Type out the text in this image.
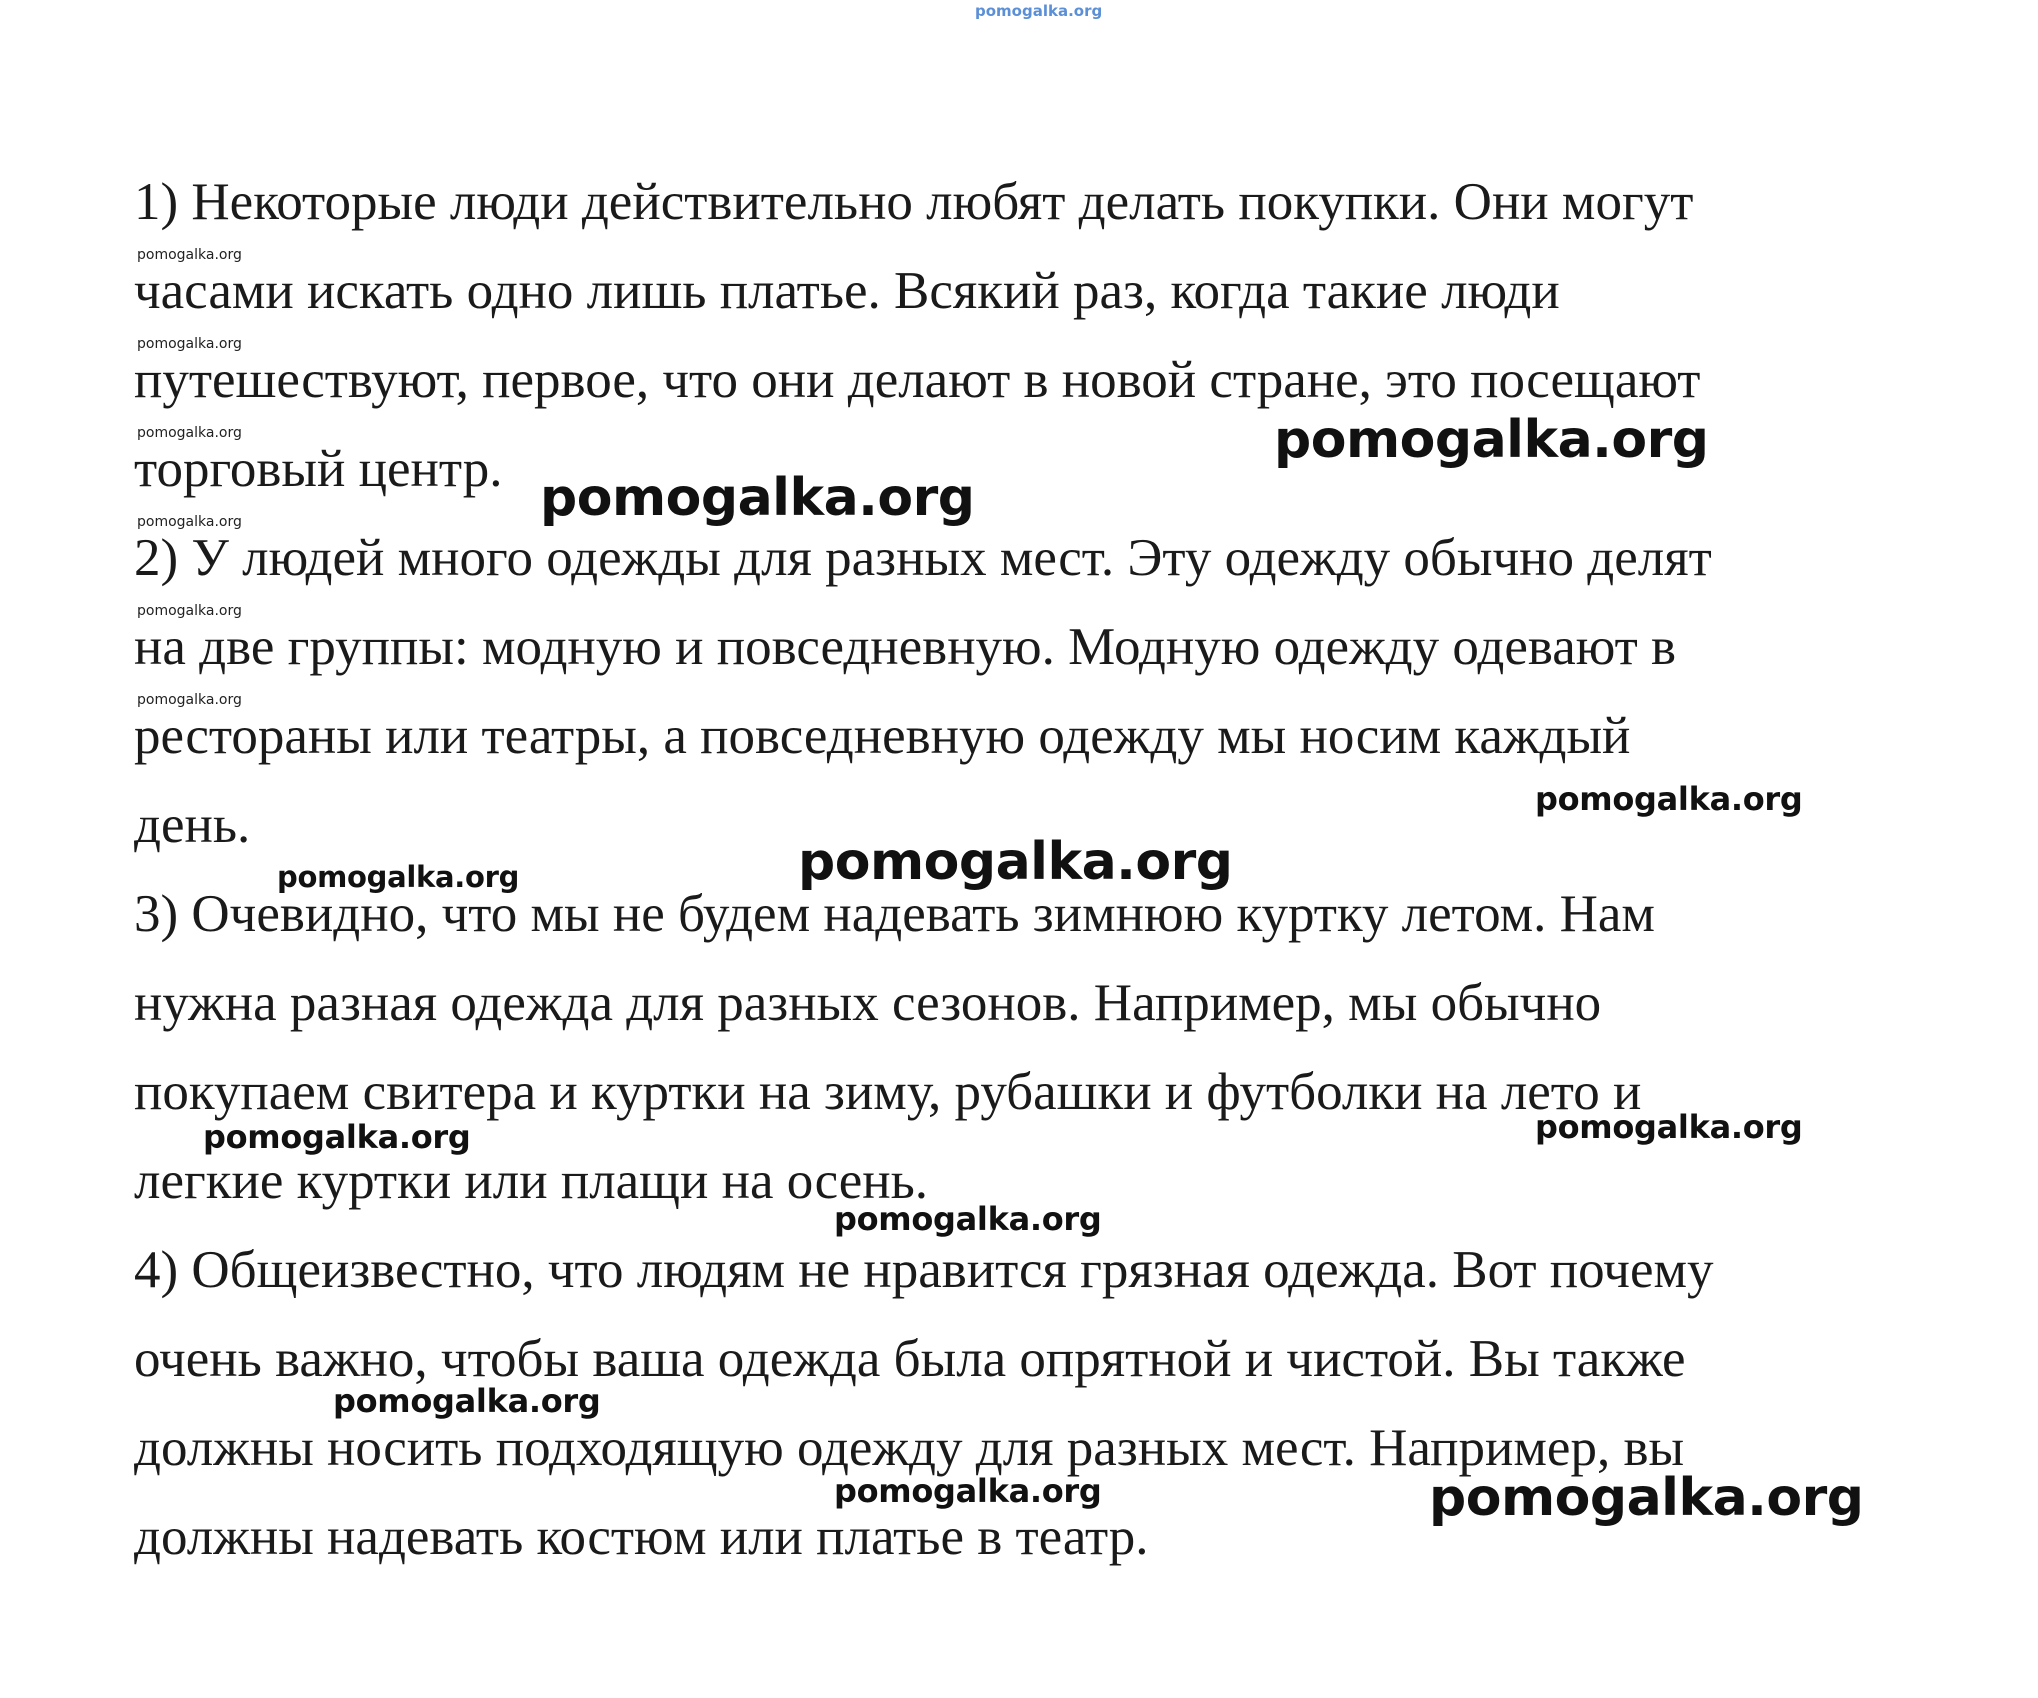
pomogalka.org

1) Некоторые люди действительно любят делать покупки. Они могут

часами искать одно лишь платье. Всякий раз, когда такие люди

путешествуют, первое, что они делают в новой стране, это посещают

торговый центр.

2) У людей много одежды для разных мест. Эту одежду обычно делят

на две группы: модную и повседневную. Модную одежду одевают в

рестораны или театры, а повседневную одежду мы носим каждый

день.

3) Очевидно, что мы не будем надевать зимнюю куртку летом. Нам

нужна разная одежда для разных сезонов. Например, мы обычно

покупаем свитера и куртки на зиму, рубашки и футболки на лето и

легкие куртки или плащи на осень.

4) Общеизвестно, что людям не нравится грязная одежда. Вот почему

очень важно, чтобы ваша одежда была опрятной и чистой. Вы также

должны носить подходящую одежду для разных мест. Например, вы

должны надевать костюм или платье в театр.

pomogalka.org
pomogalka.org
pomogalka.org
pomogalka.org
pomogalka.org
pomogalka.org
pomogalka.org
pomogalka.org
pomogalka.org
pomogalka.org
pomogalka.org
pomogalka.org
pomogalka.org
pomogalka.org
pomogalka.org
pomogalka.org	pomogalka.org
